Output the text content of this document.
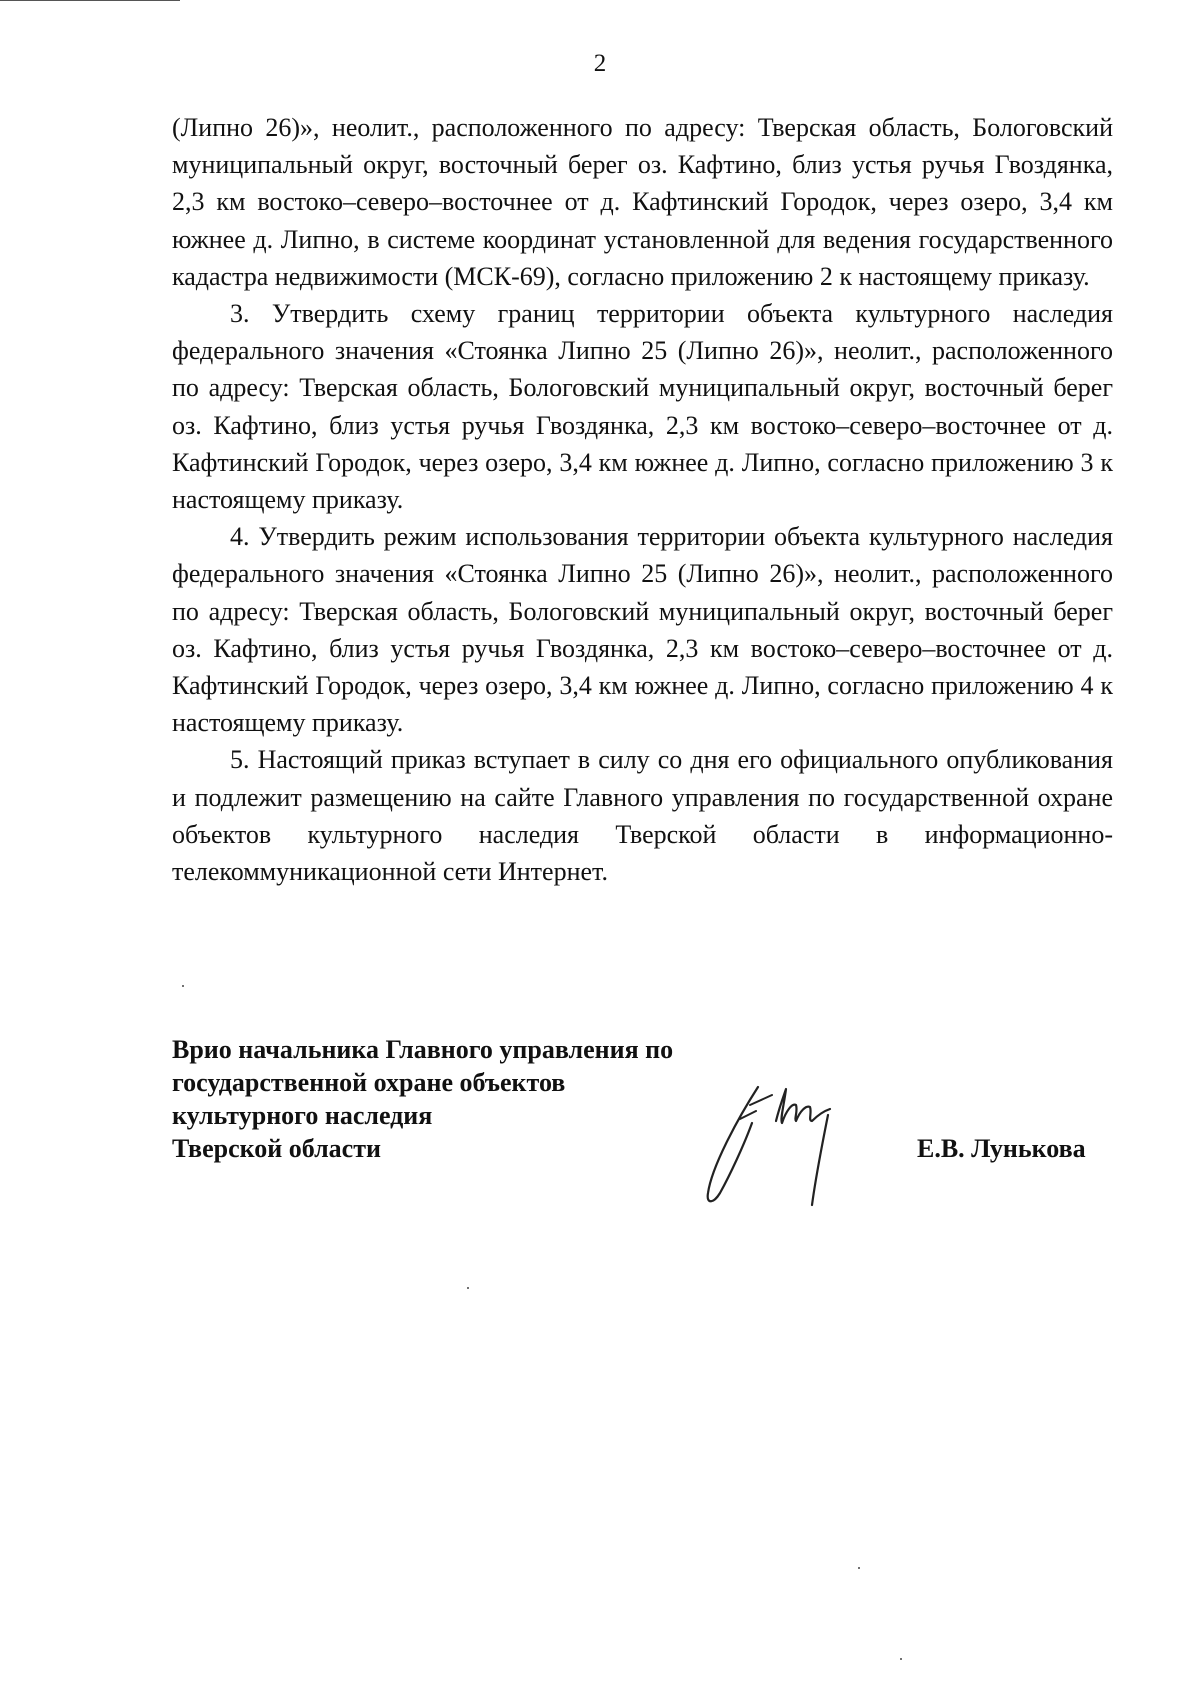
2

(Липно 26)», неолит., расположенного по адресу: Тверская область, Бологовский муниципальный округ, восточный берег оз. Кафтино, близ устья ручья Гвоздянка, 2,3 км востоко–северо–восточнее от д. Кафтинский Городок, через озеро, 3,4 км южнее д. Липно, в системе координат установленной для ведения государственного кадастра недвижимости (МСК-69), согласно приложению 2 к настоящему приказу.

3. Утвердить схему границ территории объекта культурного наследия федерального значения «Стоянка Липно 25 (Липно 26)», неолит., расположенного по адресу: Тверская область, Бологовский муниципальный округ, восточный берег оз. Кафтино, близ устья ручья Гвоздянка, 2,3 км востоко–северо–восточнее от д. Кафтинский Городок, через озеро, 3,4 км южнее д. Липно, согласно приложению 3 к настоящему приказу.

4. Утвердить режим использования территории объекта культурного наследия федерального значения «Стоянка Липно 25 (Липно 26)», неолит., расположенного по адресу: Тверская область, Бологовский муниципальный округ, восточный берег оз. Кафтино, близ устья ручья Гвоздянка, 2,3 км востоко–северо–восточнее от д. Кафтинский Городок, через озеро, 3,4 км южнее д. Липно, согласно приложению 4 к настоящему приказу.

5. Настоящий приказ вступает в силу со дня его официального опубликования и подлежит размещению на сайте Главного управления по государственной охране объектов культурного наследия Тверской области в информационно-телекоммуникационной сети Интернет.

Врио начальника Главного управления по
государственной охране объектов
культурного наследия
Тверской области	Е.В. Лунькова
